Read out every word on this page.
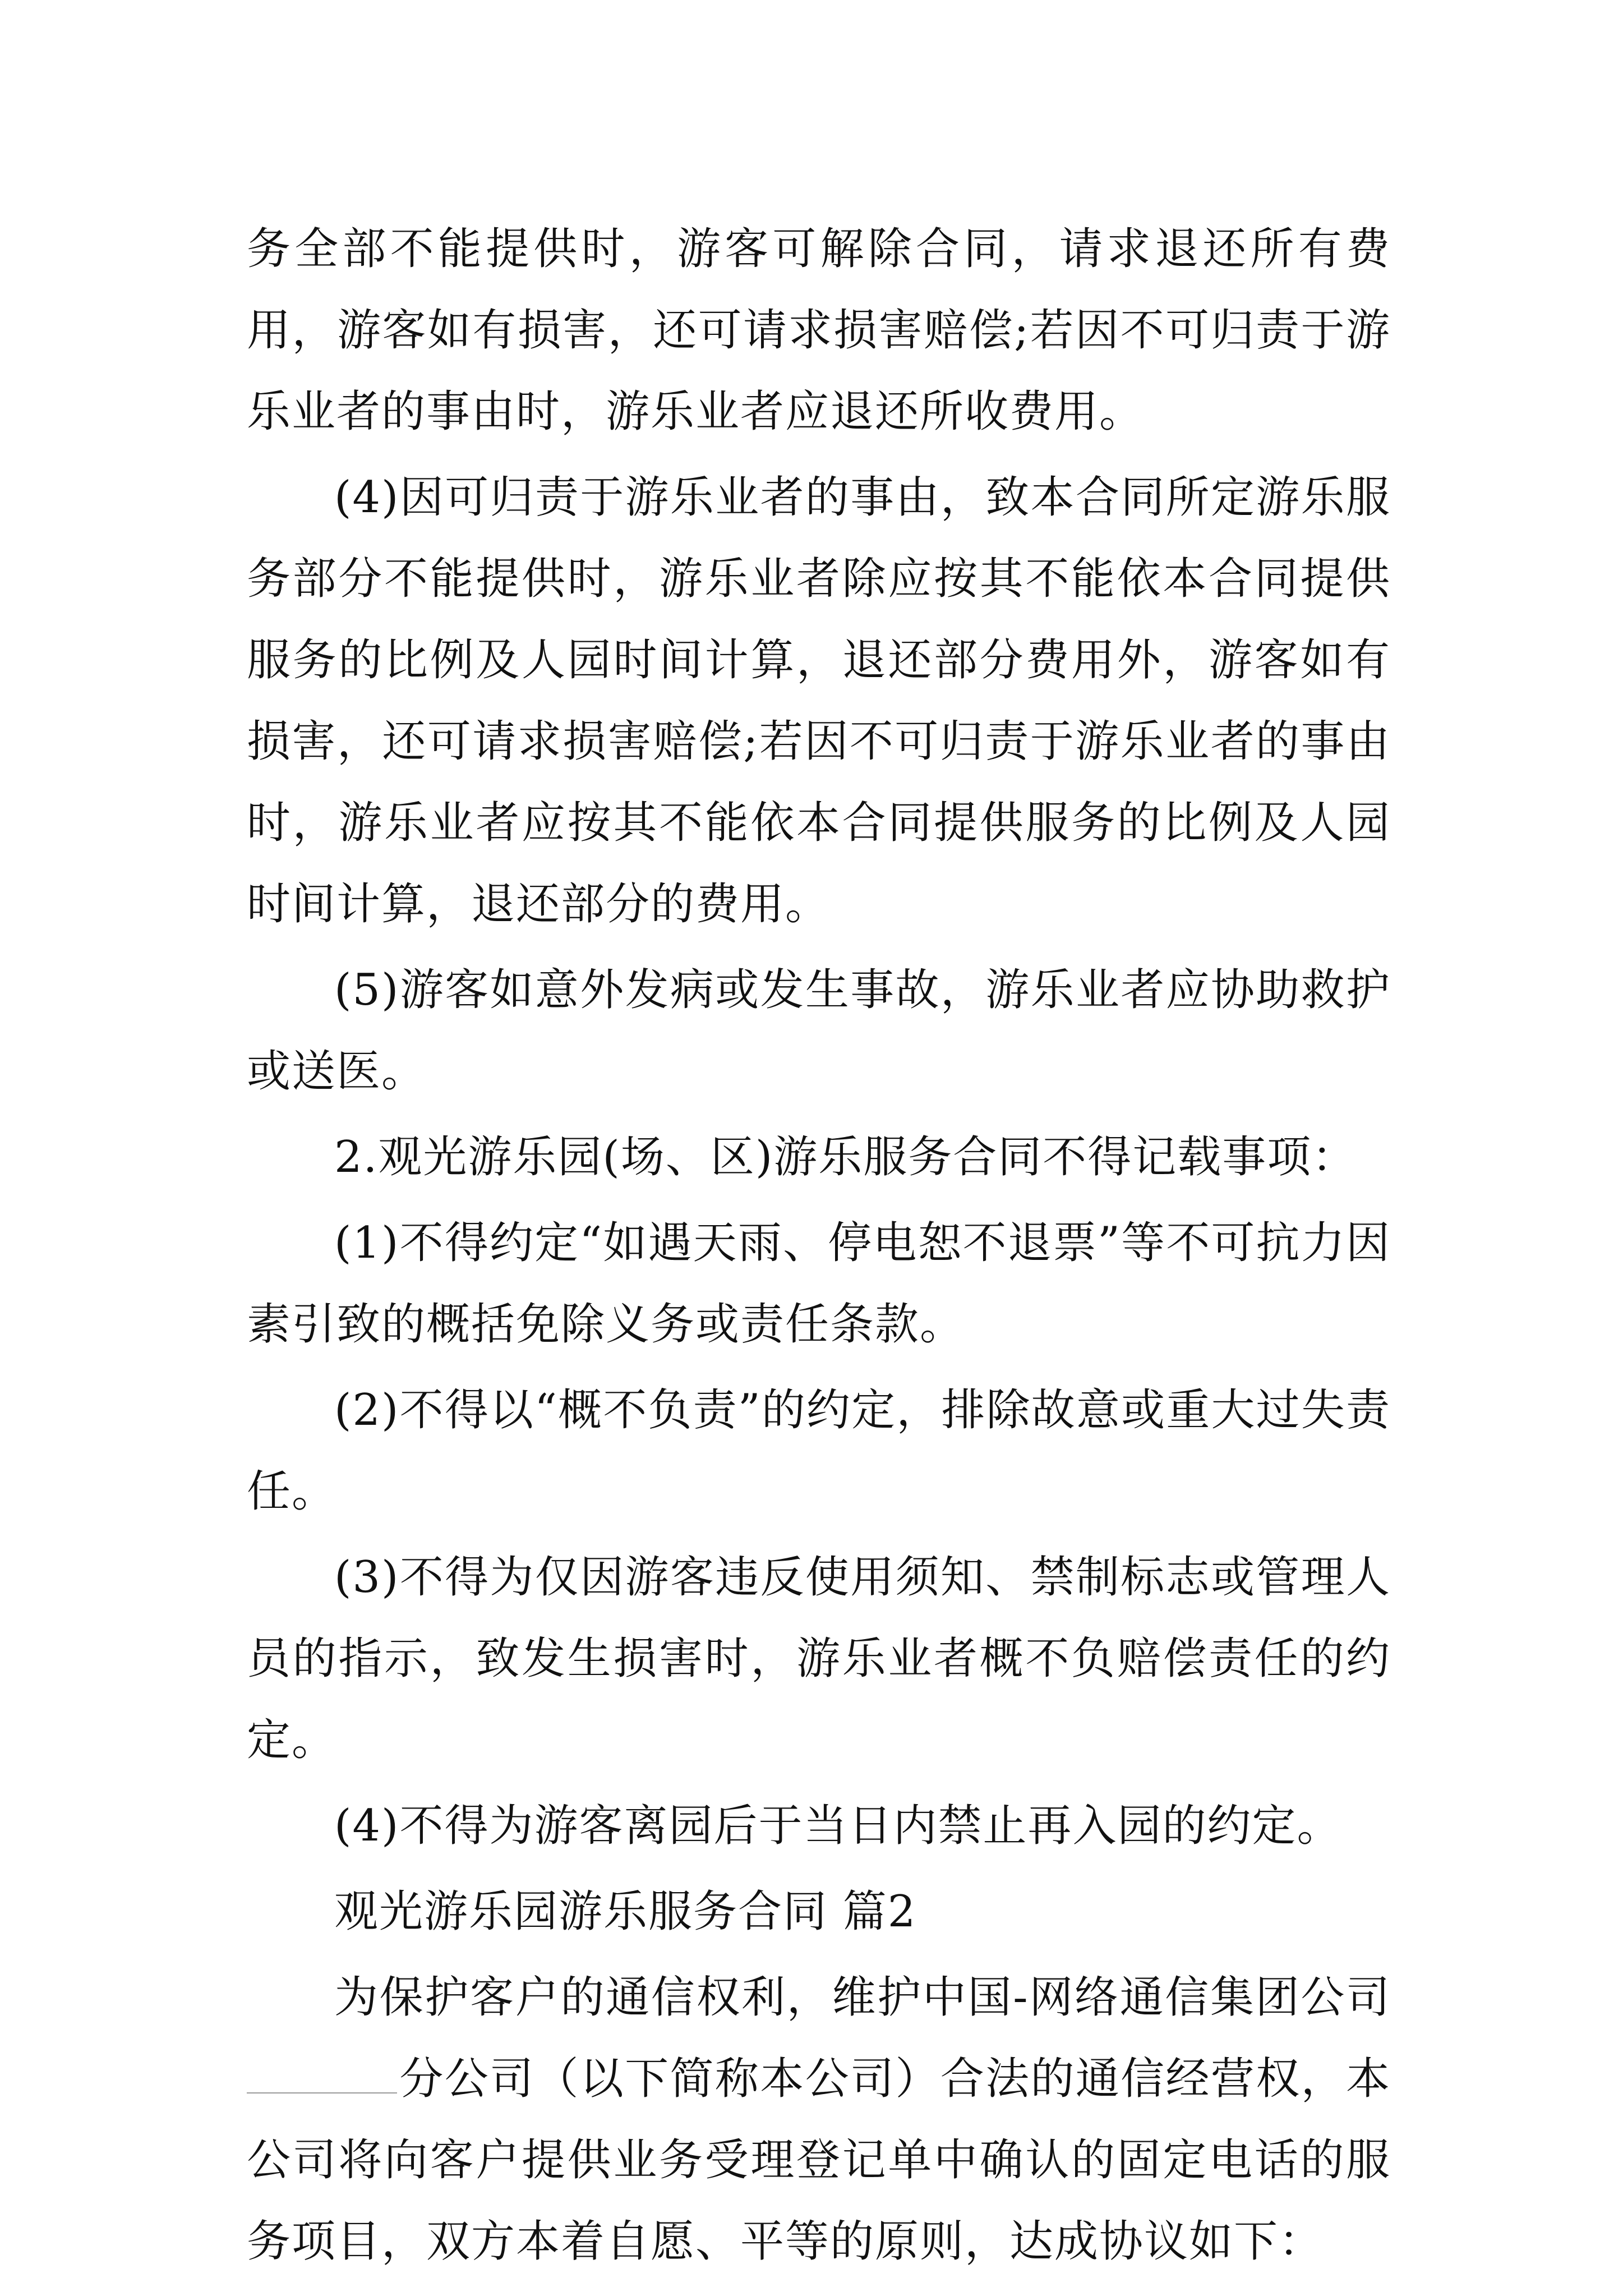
务全部不能提供时，游客可解除合同，请求退还所有费用，游客如有损害，还可请求损害赔偿;若因不可归责于游乐业者的事由时，游乐业者应退还所收费用。

(4)因可归责于游乐业者的事由，致本合同所定游乐服务部分不能提供时，游乐业者除应按其不能依本合同提供服务的比例及人园时间计算，退还部分费用外，游客如有损害，还可请求损害赔偿;若因不可归责于游乐业者的事由时，游乐业者应按其不能依本合同提供服务的比例及人园时间计算，退还部分的费用。

(5)游客如意外发病或发生事故，游乐业者应协助救护或送医。

2.观光游乐园(场、区)游乐服务合同不得记载事项：

(1)不得约定“如遇天雨、停电恕不退票”等不可抗力因素引致的概括免除义务或责任条款。

(2)不得以“概不负责”的约定，排除故意或重大过失责任。

(3)不得为仅因游客违反使用须知、禁制标志或管理人员的指示，致发生损害时，游乐业者概不负赔偿责任的约定。

(4)不得为游客离园后于当日内禁止再入园的约定。

观光游乐园游乐服务合同 篇2

为保护客户的通信权利，维护中国-网络通信集团公司分公司（以下简称本公司）合法的通信经营权，本公司将向客户提供业务受理登记单中确认的固定电话的服务项目，双方本着自愿、平等的原则，达成协议如下：
